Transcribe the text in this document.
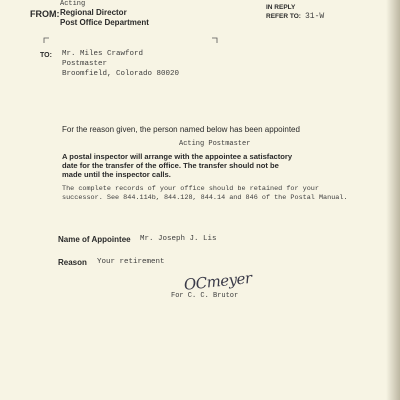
FROM:
Acting
Regional Director
Post Office Department
IN REPLY
REFER TO: 31-W
TO: Mr. Miles Crawford
Postmaster
Broomfield, Colorado 80020
For the reason given, the person named below has been appointed
Acting Postmaster
A postal inspector will arrange with the appointee a satisfactory
date for the transfer of the office. The transfer should not be
made until the inspector calls.
The complete records of your office should be retained for your
successor. See 844.114b, 844.128, 844.14 and 846 of the Postal Manual.
Name of Appointee Mr. Joseph J. Lis
Reason Your retirement
OCmeyer
For C. C. Brutor
